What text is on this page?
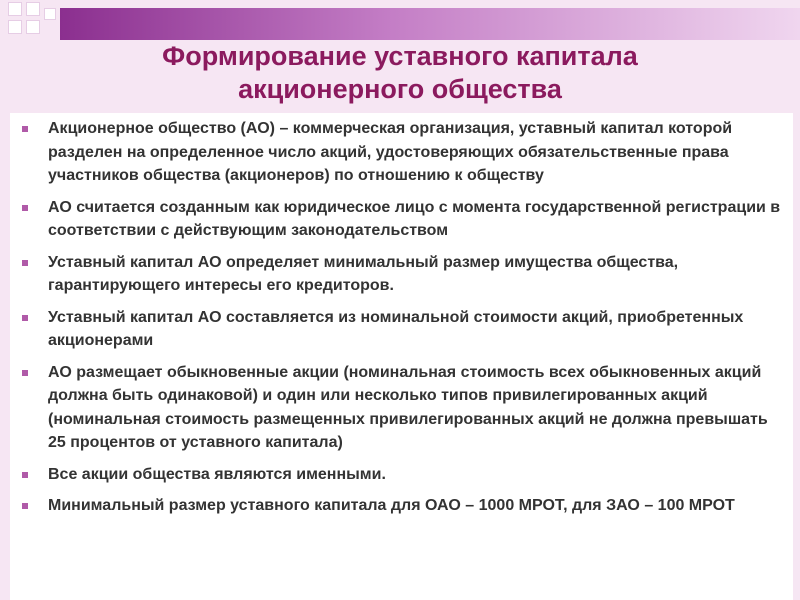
Формирование уставного капитала
акционерного общества
Акционерное общество (АО) – коммерческая организация, уставный капитал которой разделен на определенное число акций, удостоверяющих обязательственные права участников общества (акционеров) по отношению к обществу
АО считается созданным как юридическое лицо с момента государственной регистрации в соответствии с действующим законодательством
Уставный капитал АО определяет минимальный размер имущества общества, гарантирующего интересы его кредиторов.
Уставный капитал АО составляется из номинальной стоимости акций, приобретенных акционерами
АО размещает обыкновенные акции (номинальная стоимость всех обыкновенных акций должна быть одинаковой) и один или несколько типов привилегированных акций (номинальная стоимость размещенных привилегированных акций не должна превышать 25 процентов от уставного капитала)
Все акции общества являются именными.
Минимальный размер уставного капитала для ОАО – 1000 МРОТ, для ЗАО – 100 МРОТ
